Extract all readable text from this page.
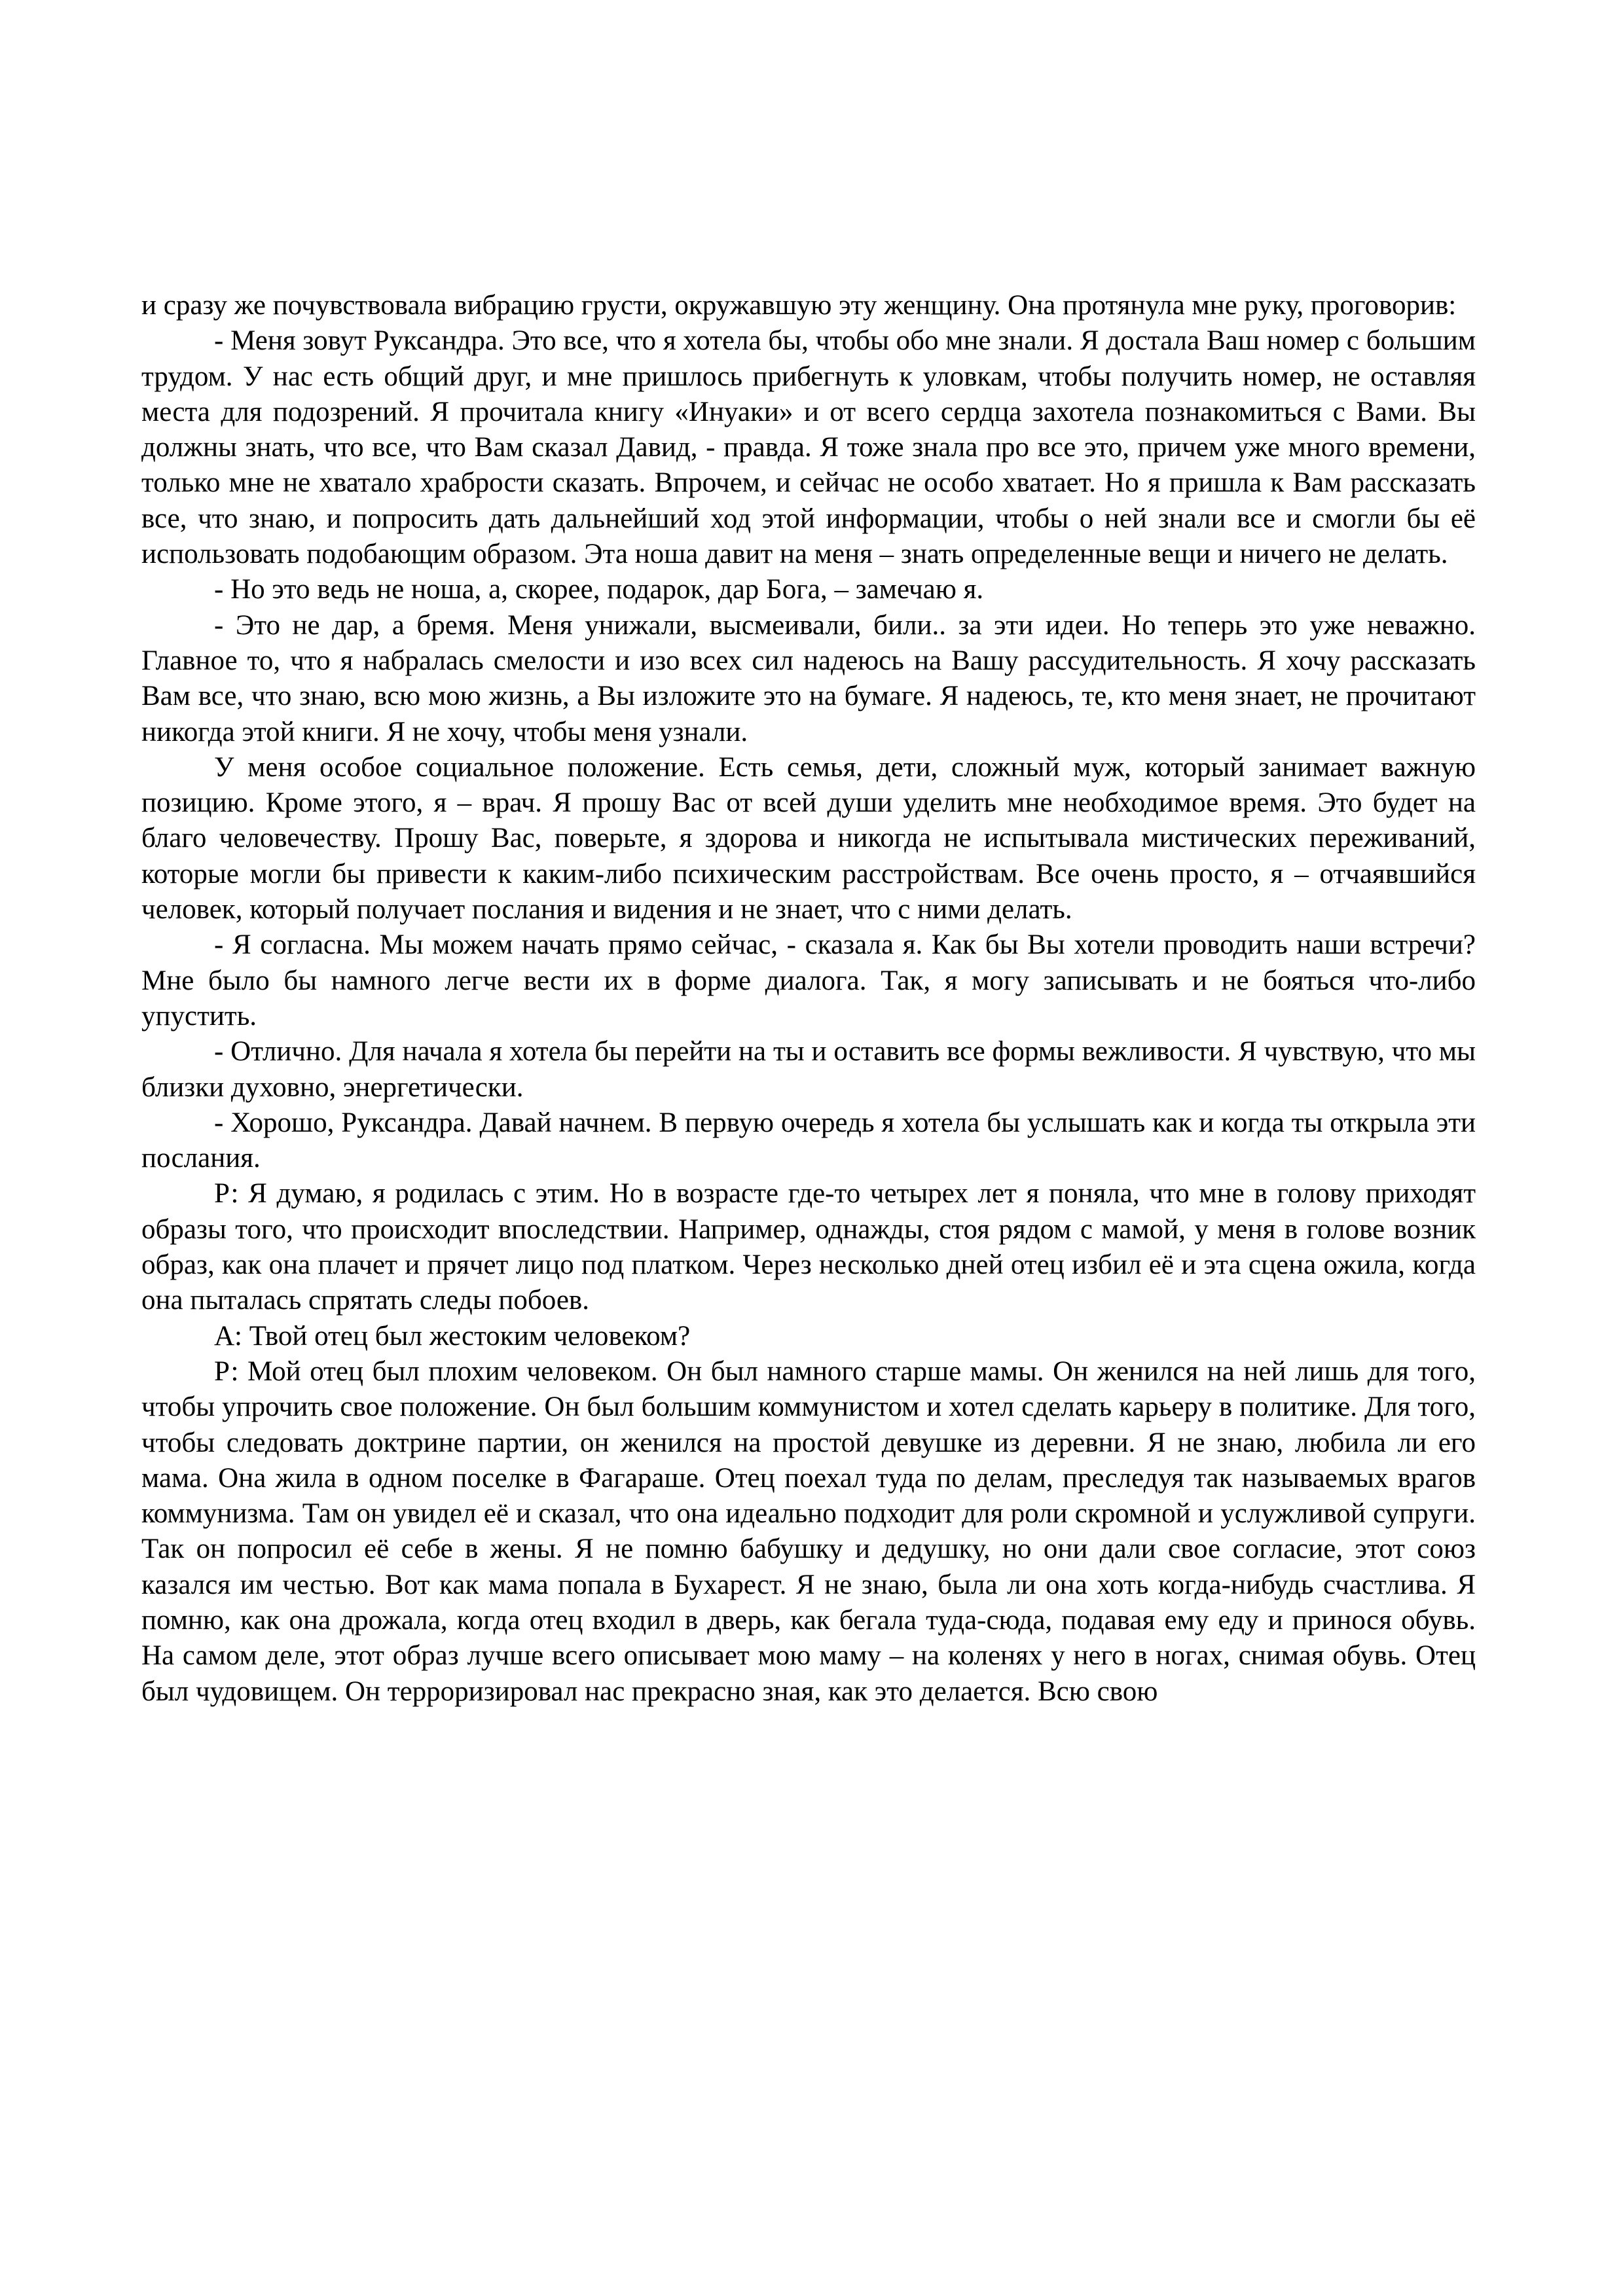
и сразу же почувствовала вибрацию грусти, окружавшую эту женщину. Она протянула мне руку, проговорив:

- Меня зовут Руксандра. Это все, что я хотела бы, чтобы обо мне знали. Я достала Ваш номер с большим трудом. У нас есть общий друг, и мне пришлось прибегнуть к уловкам, чтобы получить номер, не оставляя места для подозрений. Я прочитала книгу «Инуаки» и от всего сердца захотела познакомиться с Вами. Вы должны знать, что все, что Вам сказал Давид, - правда. Я тоже знала про все это, причем уже много времени, только мне не хватало храбрости сказать. Впрочем, и сейчас не особо хватает. Но я пришла к Вам рассказать все, что знаю, и попросить дать дальнейший ход этой информации, чтобы о ней знали все и смогли бы её использовать подобающим образом. Эта ноша давит на меня – знать определенные вещи и ничего не делать.

- Но это ведь не ноша, а, скорее, подарок, дар Бога, – замечаю я.

- Это не дар, а бремя. Меня унижали, высмеивали, били.. за эти идеи. Но теперь это уже неважно. Главное то, что я набралась смелости и изо всех сил надеюсь на Вашу рассудительность. Я хочу рассказать Вам все, что знаю, всю мою жизнь, а Вы изложите это на бумаге. Я надеюсь, те, кто меня знает, не прочитают никогда этой книги. Я не хочу, чтобы меня узнали.

У меня особое социальное положение. Есть семья, дети, сложный муж, который занимает важную позицию. Кроме этого, я – врач. Я прошу Вас от всей души уделить мне необходимое время. Это будет на благо человечеству. Прошу Вас, поверьте, я здорова и никогда не испытывала мистических переживаний, которые могли бы привести к каким-либо психическим расстройствам. Все очень просто, я – отчаявшийся человек, который получает послания и видения и не знает, что с ними делать.

- Я согласна. Мы можем начать прямо сейчас, - сказала я. Как бы Вы хотели проводить наши встречи? Мне было бы намного легче вести их в форме диалога. Так, я могу записывать и не бояться что-либо упустить.

- Отлично. Для начала я хотела бы перейти на ты и оставить все формы вежливости. Я чувствую, что мы близки духовно, энергетически.

- Хорошо, Руксандра. Давай начнем. В первую очередь я хотела бы услышать как и когда ты открыла эти послания.

Р: Я думаю, я родилась с этим. Но в возрасте где-то четырех лет я поняла, что мне в голову приходят образы того, что происходит впоследствии. Например, однажды, стоя рядом с мамой, у меня в голове возник образ, как она плачет и прячет лицо под платком. Через несколько дней отец избил её и эта сцена ожила, когда она пыталась спрятать следы побоев.

А: Твой отец был жестоким человеком?

Р: Мой отец был плохим человеком. Он был намного старше мамы. Он женился на ней лишь для того, чтобы упрочить свое положение. Он был большим коммунистом и хотел сделать карьеру в политике. Для того, чтобы следовать доктрине партии, он женился на простой девушке из деревни. Я не знаю, любила ли его мама. Она жила в одном поселке в Фагараше. Отец поехал туда по делам, преследуя так называемых врагов коммунизма. Там он увидел её и сказал, что она идеально подходит для роли скромной и услужливой супруги. Так он попросил её себе в жены. Я не помню бабушку и дедушку, но они дали свое согласие, этот союз казался им честью. Вот как мама попала в Бухарест. Я не знаю, была ли она хоть когда-нибудь счастлива. Я помню, как она дрожала, когда отец входил в дверь, как бегала туда-сюда, подавая ему еду и принося обувь. На самом деле, этот образ лучше всего описывает мою маму – на коленях у него в ногах, снимая обувь. Отец был чудовищем. Он терроризировал нас прекрасно зная, как это делается. Всю свою
